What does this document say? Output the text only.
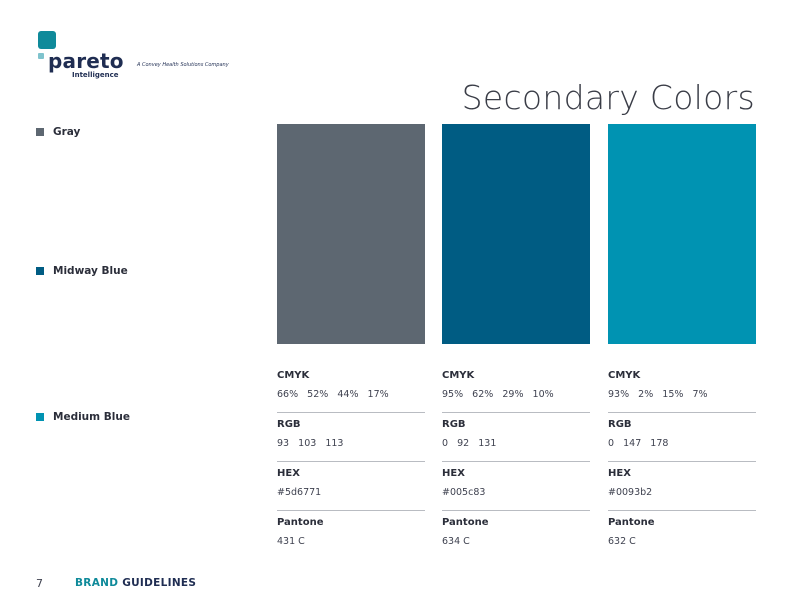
pareto
Intelligence
A Convey Health Solutions Company
Secondary Colors
Gray
Midway Blue
Medium Blue
CMYK
66%   52%   44%   17%
RGB
93   103   113
HEX
#5d6771
Pantone
431 C
CMYK
95%   62%   29%   10%
RGB
0   92   131
HEX
#005c83
Pantone
634 C
CMYK
93%   2%   15%   7%
RGB
0   147   178
HEX
#0093b2
Pantone
632 C
7	BRAND GUIDELINES
